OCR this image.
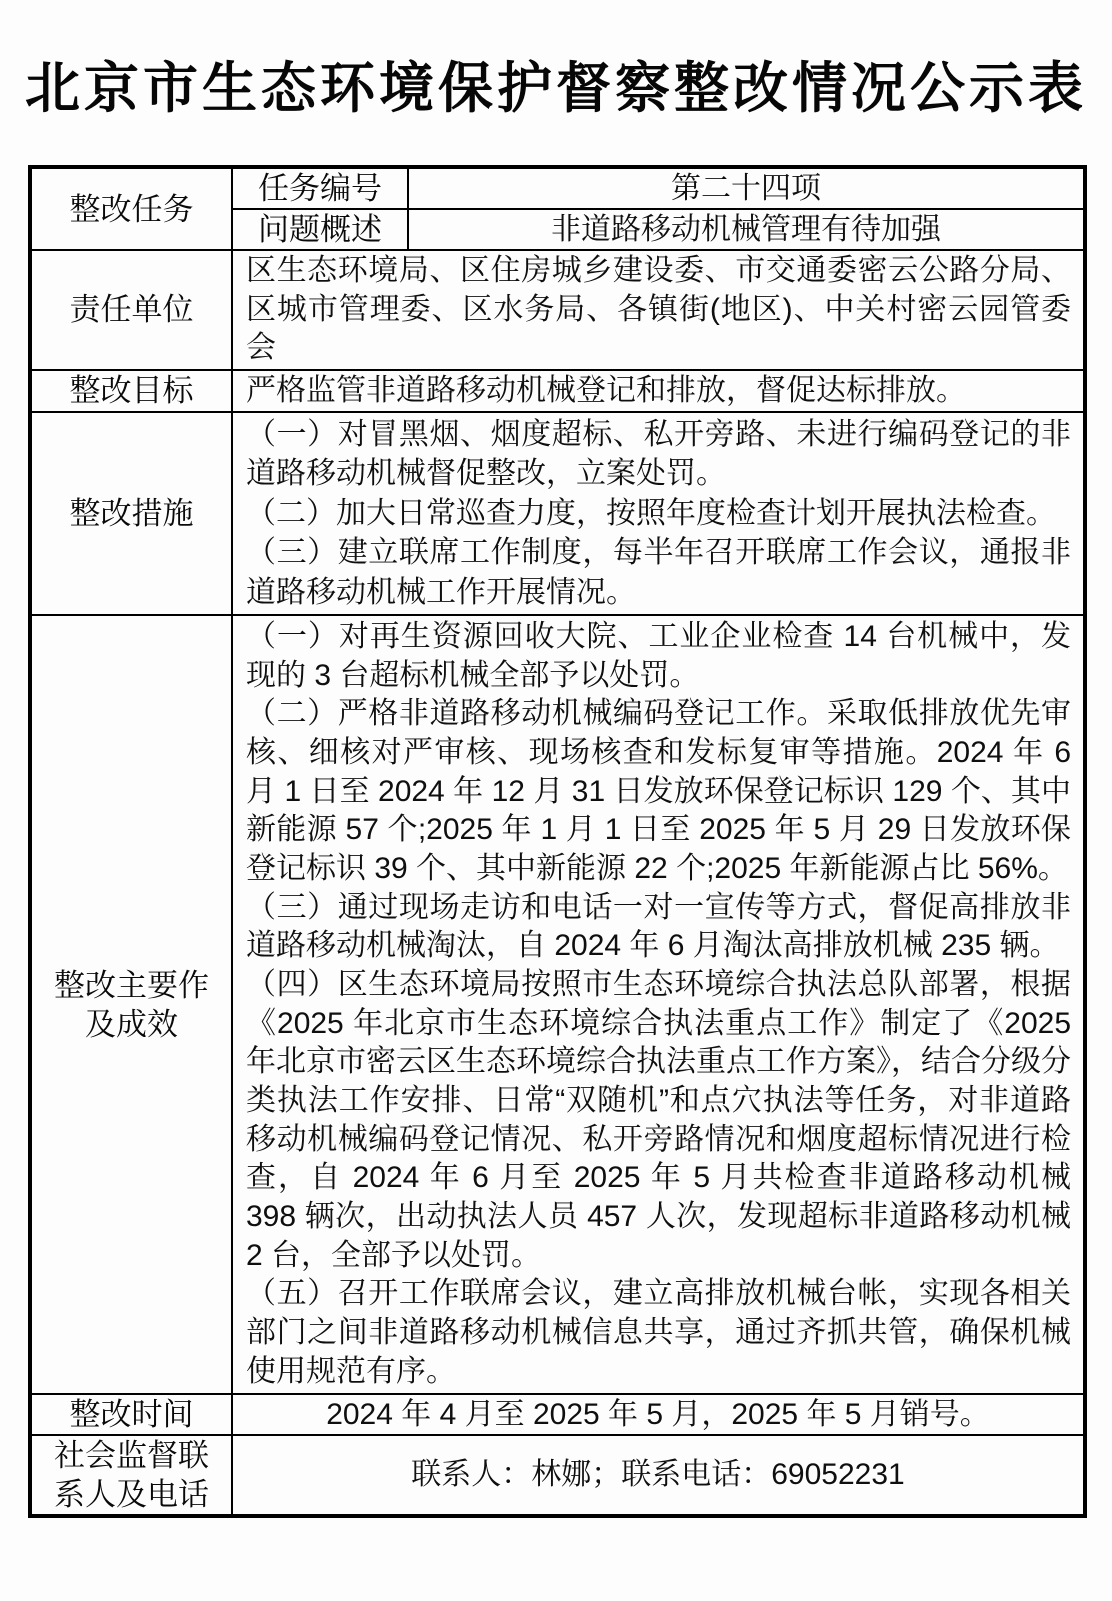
北京市生态环境保护督察整改情况公示表
整改任务	任务编号	第二十四项
	问题概述	非道路移动机械管理有待加强
责任单位	区生态环境局、区住房城乡建设委、市交通委密云公路分局、区城市管理委、区水务局、各镇街(地区)、中关村密云园管委会	
整改目标	严格监管非道路移动机械登记和排放，督促达标排放。	
整改措施	（一）对冒黑烟、烟度超标、私开旁路、未进行编码登记的非道路移动机械督促整改，立案处罚。
（二）加大日常巡查力度，按照年度检查计划开展执法检查。
（三）建立联席工作制度，每半年召开联席工作会议，通报非道路移动机械工作开展情况。	

整改主要作及成效	（一）对再生资源回收大院、工业企业检查 14 台机械中，发现的 3 台超标机械全部予以处罚。
（二）严格非道路移动机械编码登记工作。采取低排放优先审核、细核对严审核、现场核查和发标复审等措施。2024 年 6 月 1 日至 2024 年 12 月 31 日发放环保登记标识 129 个、其中新能源 57 个;2025 年 1 月 1 日至 2025 年 5 月 29 日发放环保登记标识 39 个、其中新能源 22 个;2025 年新能源占比 56%。
（三）通过现场走访和电话一对一宣传等方式，督促高排放非道路移动机械淘汰，自 2024 年 6 月淘汰高排放机械 235 辆。
（四）区生态环境局按照市生态环境综合执法总队部署，根据《2025 年北京市生态环境综合执法重点工作》制定了《2025 年北京市密云区生态环境综合执法重点工作方案》，结合分级分类执法工作安排、日常“双随机”和点穴执法等任务，对非道路移动机械编码登记情况、私开旁路情况和烟度超标情况进行检查，自 2024 年 6 月至 2025 年 5 月共检查非道路移动机械 398 辆次，出动执法人员 457 人次，发现超标非道路移动机械 2 台，全部予以处罚。
（五）召开工作联席会议，建立高排放机械台帐，实现各相关部门之间非道路移动机械信息共享，通过齐抓共管，确保机械使用规范有序。	

整改时间	2024 年 4 月至 2025 年 5 月，2025 年 5 月销号。	
社会监督联系人及电话	联系人：林娜；联系电话：69052231	
